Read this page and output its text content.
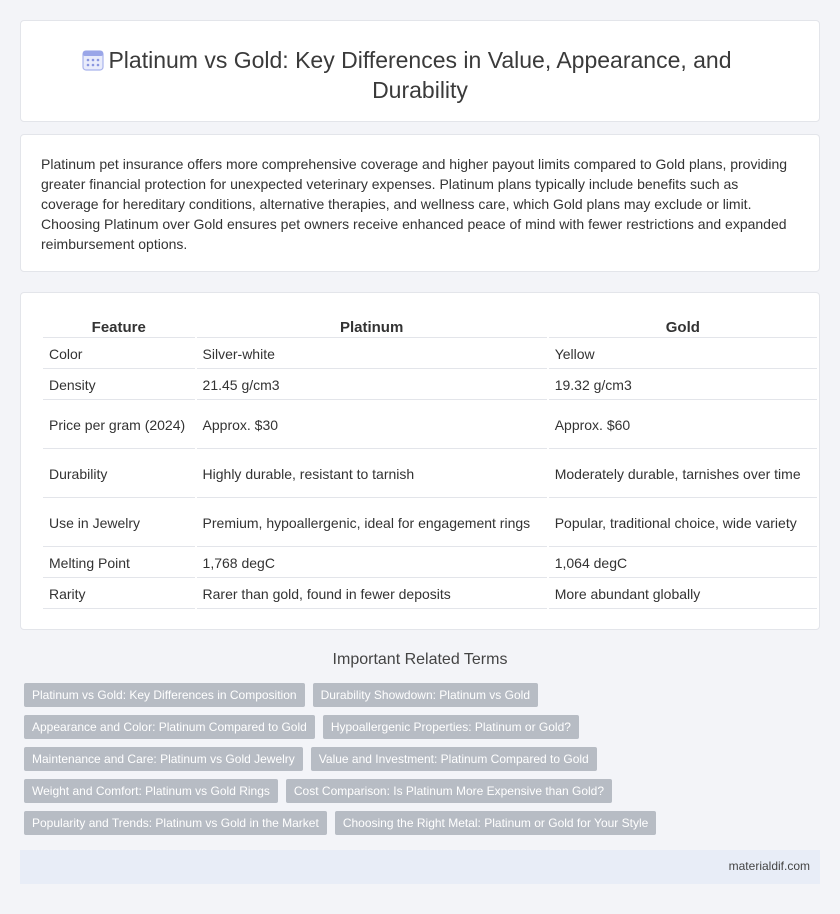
Platinum vs Gold: Key Differences in Value, Appearance, and Durability

Platinum pet insurance offers more comprehensive coverage and higher payout limits compared to Gold plans, providing greater financial protection for unexpected veterinary expenses. Platinum plans typically include benefits such as coverage for hereditary conditions, alternative therapies, and wellness care, which Gold plans may exclude or limit. Choosing Platinum over Gold ensures pet owners receive enhanced peace of mind with fewer restrictions and expanded reimbursement options.

Feature	Platinum	Gold
Color	Silver-white	Yellow
Density	21.45 g/cm3	19.32 g/cm3
Price per gram (2024)	Approx. $30	Approx. $60
Durability	Highly durable, resistant to tarnish	Moderately durable, tarnishes over time
Use in Jewelry	Premium, hypoallergenic, ideal for engagement rings	Popular, traditional choice, wide variety
Melting Point	1,768 degC	1,064 degC
Rarity	Rarer than gold, found in fewer deposits	More abundant globally
Important Related Terms
Platinum vs Gold: Key Differences in Composition	Durability Showdown: Platinum vs Gold
Appearance and Color: Platinum Compared to Gold	Hypoallergenic Properties: Platinum or Gold?
Maintenance and Care: Platinum vs Gold Jewelry	Value and Investment: Platinum Compared to Gold
Weight and Comfort: Platinum vs Gold Rings	Cost Comparison: Is Platinum More Expensive than Gold?
Popularity and Trends: Platinum vs Gold in the Market	Choosing the Right Metal: Platinum or Gold for Your Style
materialdif.com
